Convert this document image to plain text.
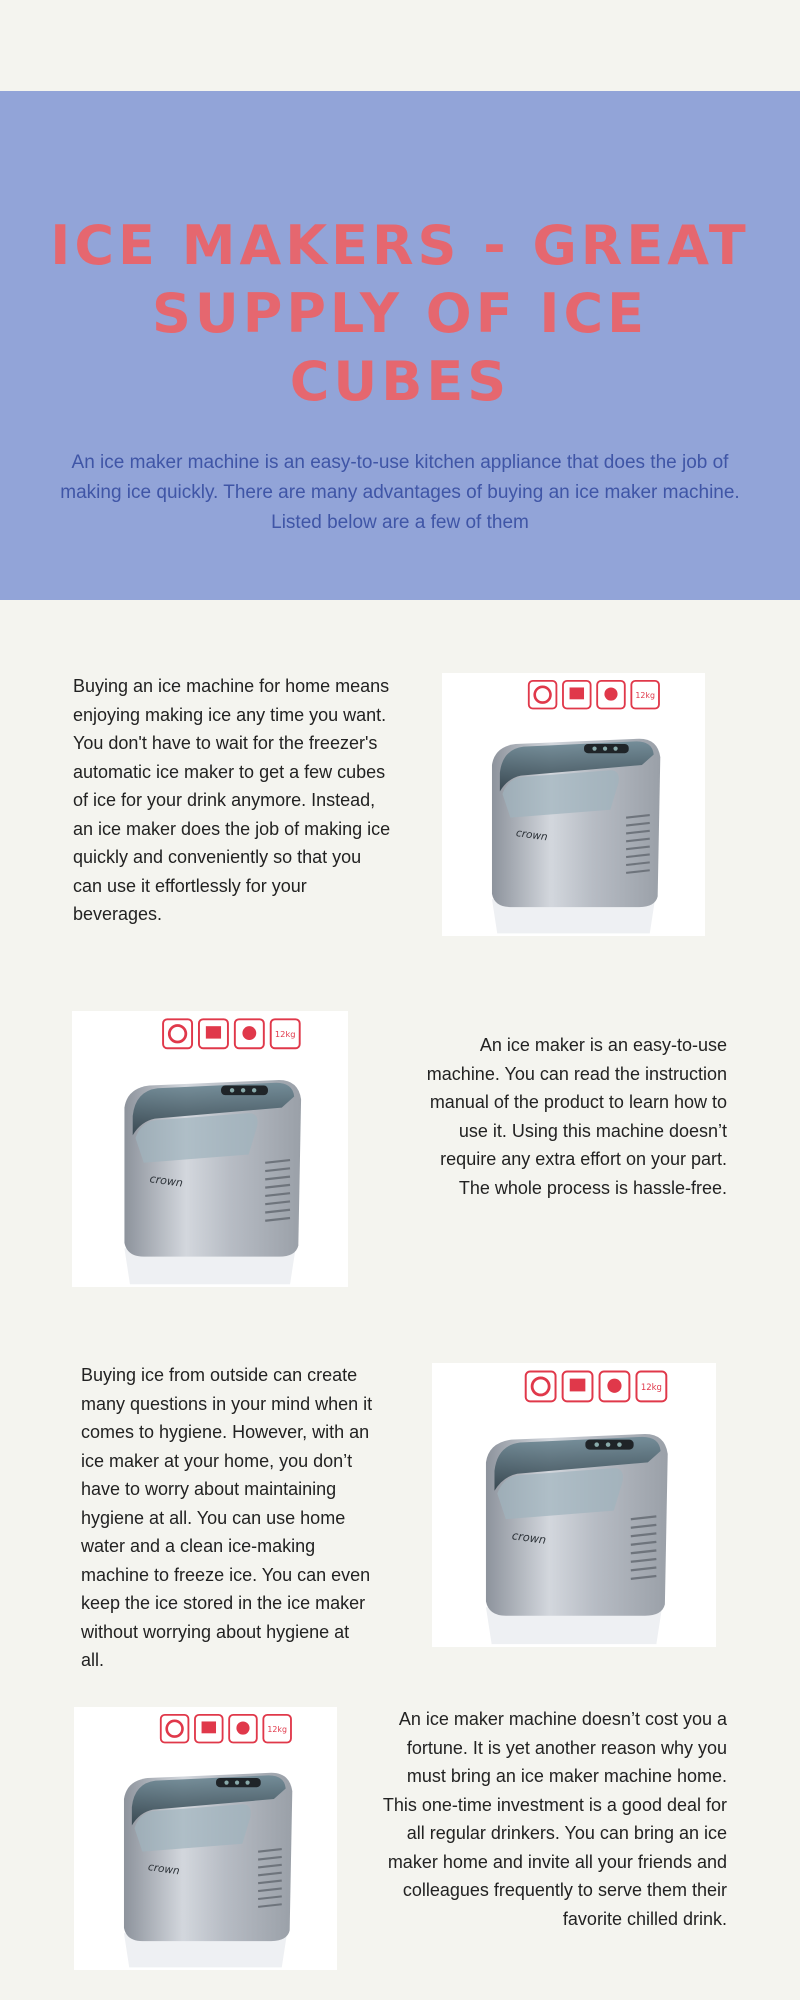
ICE MAKERS - GREAT SUPPLY OF ICE CUBES

An ice maker machine is an easy-to-use kitchen appliance that does the job of making ice quickly. There are many advantages of buying an ice maker machine. Listed below are a few of them

Buying an ice machine for home means enjoying making ice any time you want. You don't have to wait for the freezer's automatic ice maker to get a few cubes of ice for your drink anymore. Instead, an ice maker does the job of making ice quickly and conveniently so that you can use it effortlessly for your beverages.

An ice maker is an easy-to-use machine. You can read the instruction manual of the product to learn how to use it. Using this machine doesn’t require any extra effort on your part. The whole process is hassle-free.

Buying ice from outside can create many questions in your mind when it comes to hygiene. However, with an ice maker at your home, you don’t have to worry about maintaining hygiene at all. You can use home water and a clean ice-making machine to freeze ice. You can even keep the ice stored in the ice maker without worrying about hygiene at all.

An ice maker machine doesn’t cost you a fortune. It is yet another reason why you must bring an ice maker machine home. This one-time investment is a good deal for all regular drinkers. You can bring an ice maker home and invite all your friends and colleagues frequently to serve them their favorite chilled drink.
